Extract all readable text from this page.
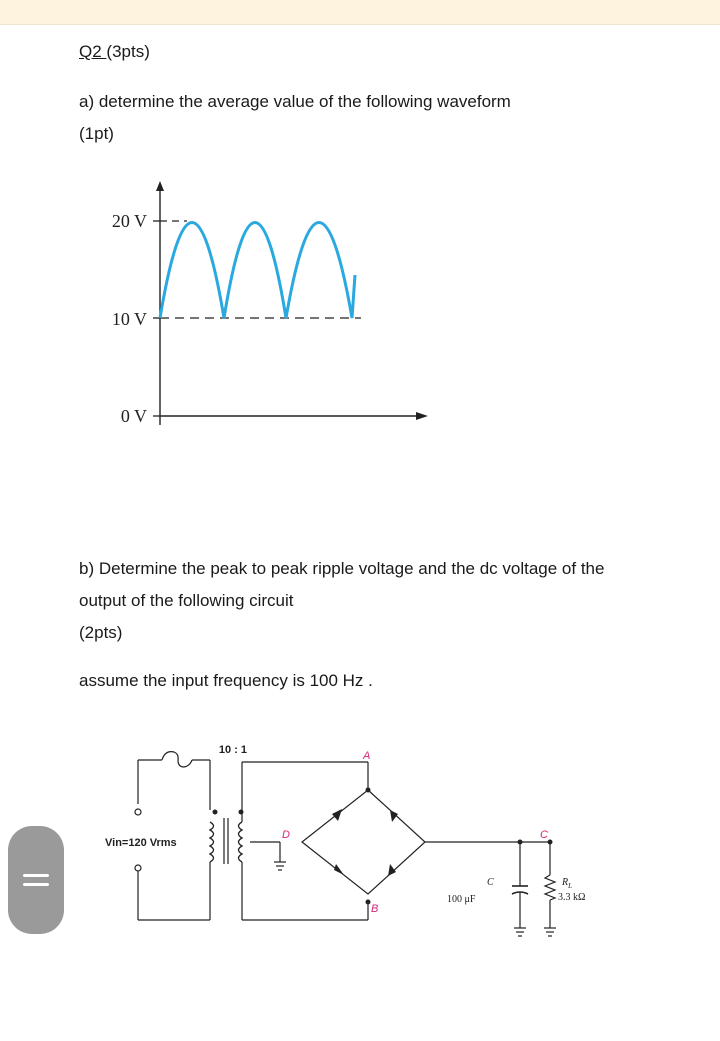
Q2 (3pts)
a) determine the average value of the following waveform
(1pt)
20 V
10 V
0 V
b) Determine the peak to peak ripple voltage and the dc voltage of the
output of the following circuit
(2pts)
assume the input frequency is 100 Hz .
Vin=120 Vrms
10 : 1
D
A
B
C
C
100 μF
$R_L$
3.3 kΩ
